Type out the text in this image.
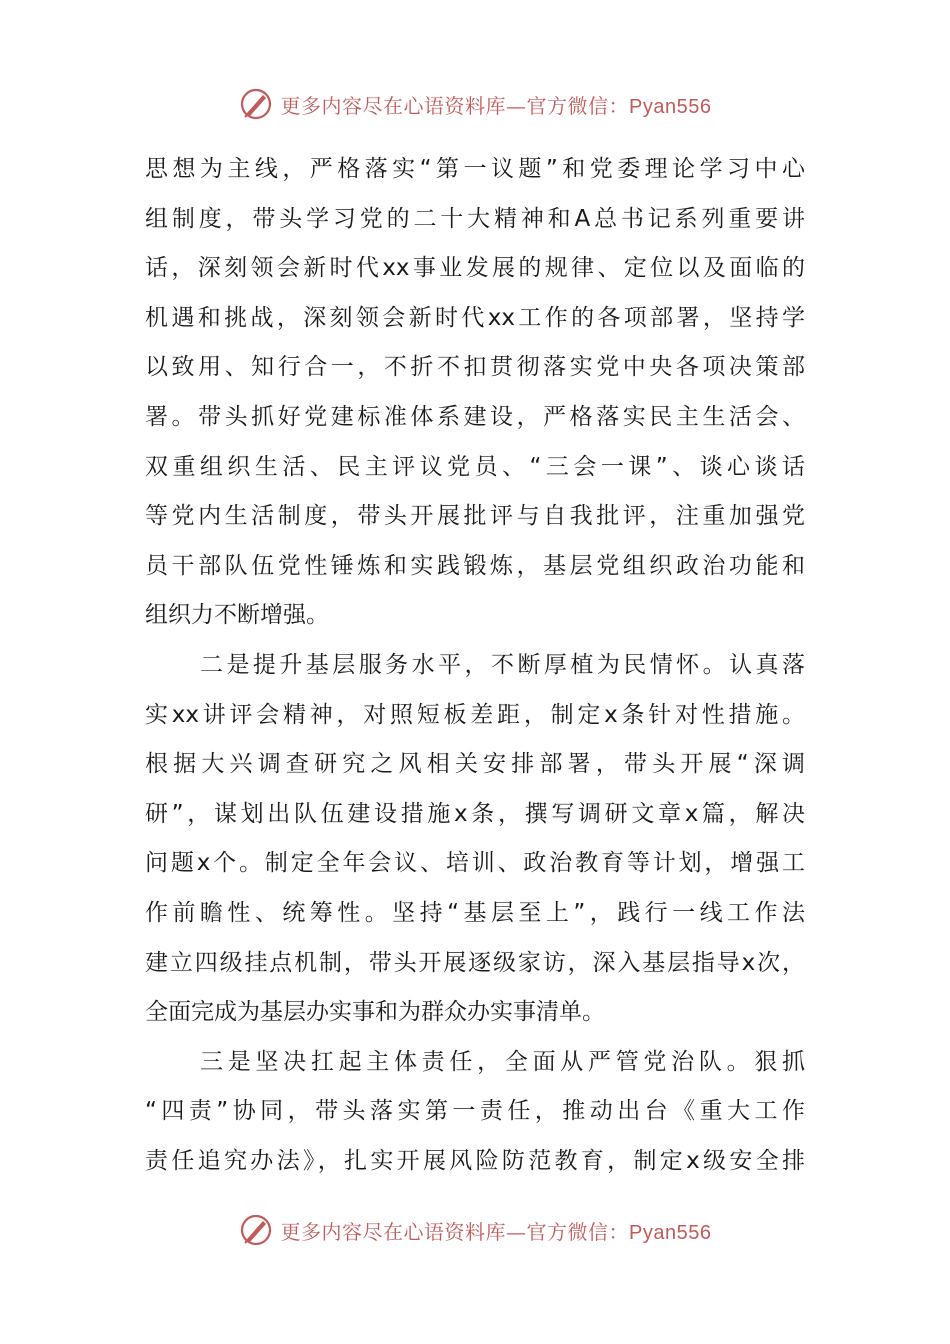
更多内容尽在心语资料库—官方微信：Pyan556
思想为主线，严格落实“第一议题”和党委理论学习中心
组制度，带头学习党的二十大精神和A总书记系列重要讲
话，深刻领会新时代xx事业发展的规律、定位以及面临的
机遇和挑战，深刻领会新时代xx工作的各项部署，坚持学
以致用、知行合一，不折不扣贯彻落实党中央各项决策部
署。带头抓好党建标准体系建设，严格落实民主生活会、
双重组织生活、民主评议党员、“三会一课”、谈心谈话
等党内生活制度，带头开展批评与自我批评，注重加强党
员干部队伍党性锤炼和实践锻炼，基层党组织政治功能和
组织力不断增强。
二是提升基层服务水平，不断厚植为民情怀。认真落
实xx讲评会精神，对照短板差距，制定x条针对性措施。
根据大兴调查研究之风相关安排部署，带头开展“深调
研”，谋划出队伍建设措施x条，撰写调研文章x篇，解决
问题x个。制定全年会议、培训、政治教育等计划，增强工
作前瞻性、统筹性。坚持“基层至上”，践行一线工作法
建立四级挂点机制，带头开展逐级家访，深入基层指导x次，
全面完成为基层办实事和为群众办实事清单。
三是坚决扛起主体责任，全面从严管党治队。狠抓
“四责”协同，带头落实第一责任，推动出台《重大工作
责任追究办法》，扎实开展风险防范教育，制定x级安全排
更多内容尽在心语资料库—官方微信：Pyan556
